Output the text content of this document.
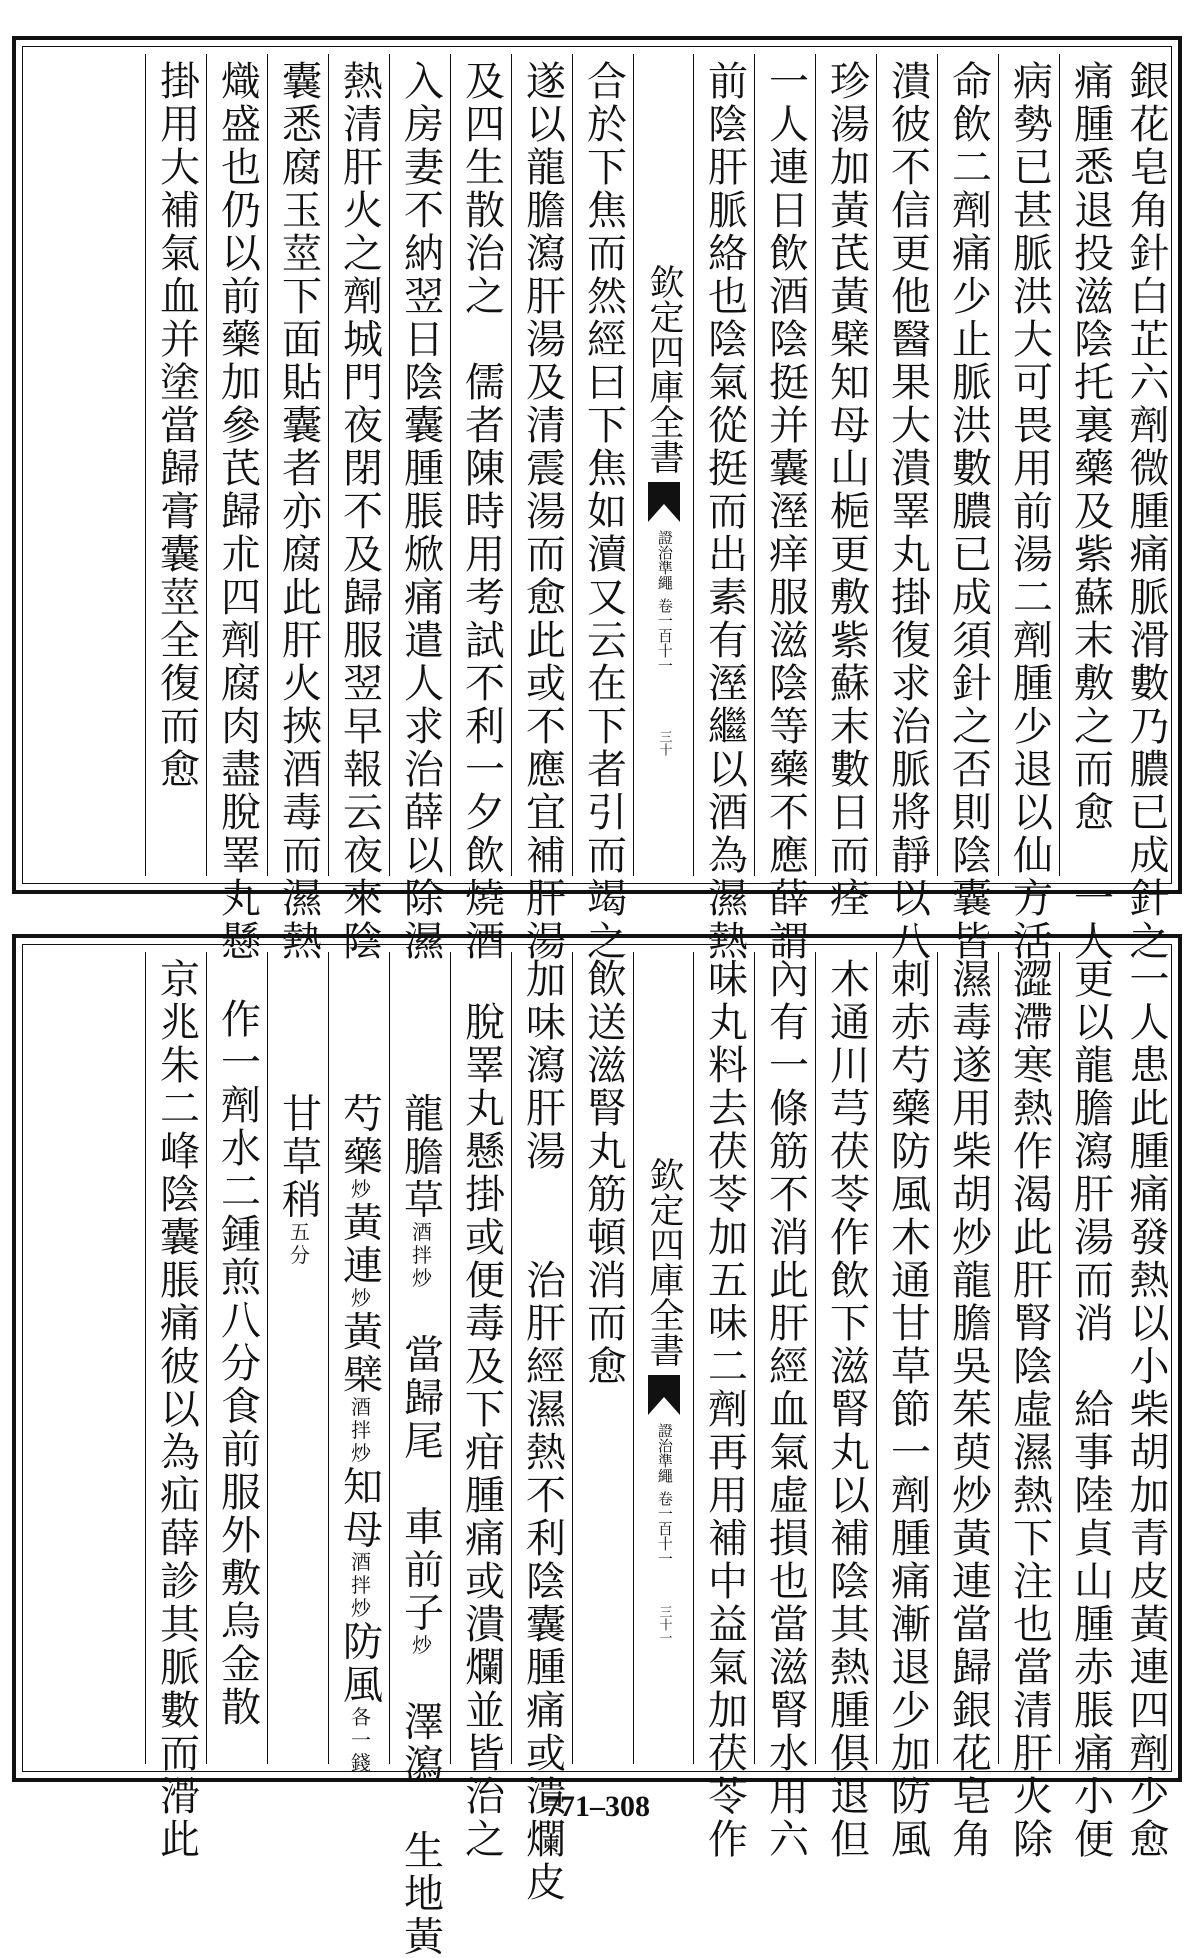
銀花皂角針白芷六劑微腫痛脈滑數乃膿已成針之
痛腫悉退投滋陰托裏藥及紫蘇末敷之而愈　一人
病勢已甚脈洪大可畏用前湯二劑腫少退以仙方活
命飲二劑痛少止脈洪數膿已成須針之否則陰囊皆
潰彼不信更他醫果大潰睪丸掛復求治脈將靜以八
珍湯加黃芪黃檗知母山梔更敷紫蘇末數日而痊
一人連日飲酒陰挺并囊溼痒服滋陰等藥不應薛謂
前陰肝脈絡也陰氣從挺而出素有溼繼以酒為濕熱
欽定四庫全書
證治準繩
卷一百十一
三十
合於下焦而然經曰下焦如瀆又云在下者引而竭之
遂以龍膽瀉肝湯及清震湯而愈此或不應宜補肝湯
及四生散治之　儒者陳時用考試不利一夕飲燒酒
入房妻不納翌日陰囊腫脹焮痛遣人求治薛以除濕
熱清肝火之劑城門夜閉不及歸服翌早報云夜來陰
囊悉腐玉莖下面貼囊者亦腐此肝火挾酒毒而濕熱
熾盛也仍以前藥加參芪歸朮四劑腐肉盡脫睪丸懸
掛用大補氣血并塗當歸膏囊莖全復而愈
一人患此腫痛發熱以小柴胡加青皮黃連四劑少愈
更以龍膽瀉肝湯而消　給事陸貞山腫赤脹痛小便
澀滯寒熱作渴此肝腎陰虛濕熱下注也當清肝火除
濕毒遂用柴胡炒龍膽吳茱萸炒黃連當歸銀花皂角
刺赤芍藥防風木通甘草節一劑腫痛漸退少加防風
木通川芎茯苓作飲下滋腎丸以補陰其熱腫俱退但
內有一條筋不消此肝經血氣虛損也當滋腎水用六
味丸料去茯苓加五味二劑再用補中益氣加茯苓作
欽定四庫全書
證治準繩
卷一百十一
三十一
飲送滋腎丸筋頓消而愈
加味瀉肝湯　　治肝經濕熱不利陰囊腫痛或潰爛皮
　脫睪丸懸掛或便毒及下疳腫痛或潰爛並皆治之

龍膽草酒拌炒　當歸尾　車前子炒　澤瀉　生地黃

芍藥炒黃連炒黃檗酒拌炒知母酒拌炒防風各一錢

甘草稍五分

作一劑水二鍾煎八分食前服外敷烏金散
京兆朱二峰陰囊脹痛彼以為疝薛診其脈數而滑此	771–308
